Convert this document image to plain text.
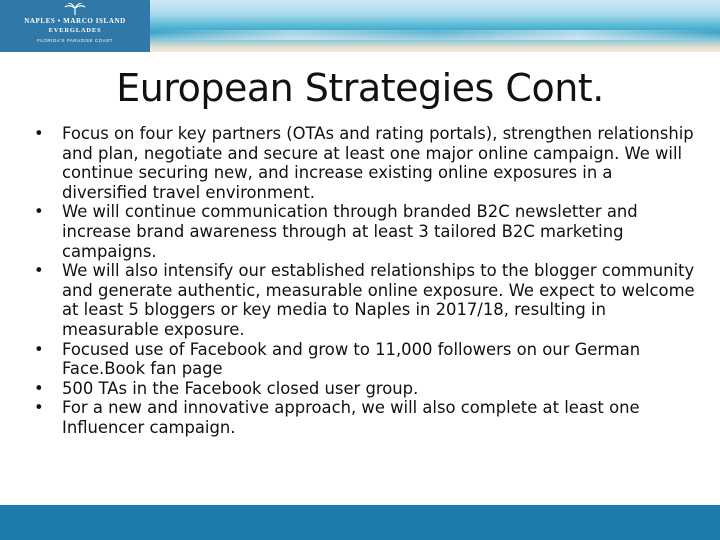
NAPLES • MARCO ISLAND
EVERGLADES
FLORIDA'S PARADISE COAST
European Strategies Cont.
• Focus on four key partners (OTAs and rating portals), strengthen relationship and plan, negotiate and secure at least one major online campaign. We will continue securing new, and increase existing online exposures in a diversified travel environment.
• We will continue communication through branded B2C newsletter and increase brand awareness through at least 3 tailored B2C marketing campaigns.
• We will also intensify our established relationships to the blogger community and generate authentic, measurable online exposure. We expect to welcome at least 5 bloggers or key media to Naples in 2017/18, resulting in measurable exposure.
• Focused use of Facebook and grow to 11,000 followers on our German Face.Book fan page
• 500 TAs in the Facebook closed user group.
• For a new and innovative approach, we will also complete at least one Influencer campaign.
